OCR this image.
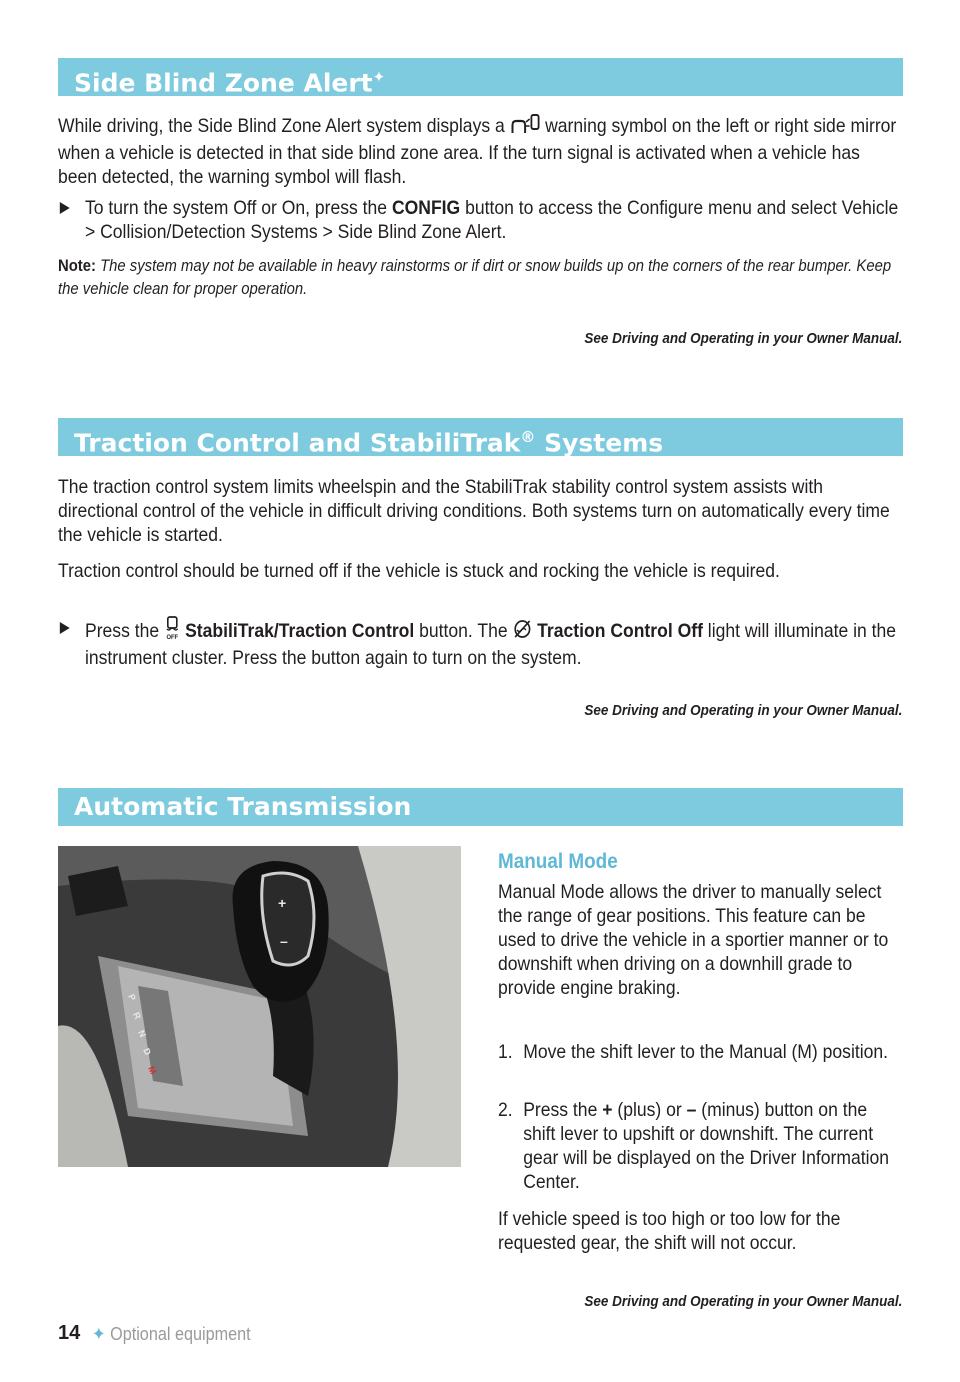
Side Blind Zone Alert✦

While driving, the Side Blind Zone Alert system displays a warning symbol on the left or right side mirror when a vehicle is detected in that side blind zone area. If the turn signal is activated when a vehicle has been detected, the warning symbol will flash.

To turn the system Off or On, press the CONFIG button to access the Configure menu and select Vehicle > Collision/Detection Systems > Side Blind Zone Alert.

Note: The system may not be available in heavy rainstorms or if dirt or snow builds up on the corners of the rear bumper. Keep the vehicle clean for proper operation.

See Driving and Operating in your Owner Manual.

Traction Control and StabiliTrak® Systems

The traction control system limits wheelspin and the StabiliTrak stability control system assists with directional control of the vehicle in difficult driving conditions. Both systems turn on automatically every time the vehicle is started.

Traction control should be turned off if the vehicle is stuck and rocking the vehicle is required.

Press the OFF StabiliTrak/Traction Control button. The Traction Control Off light will illuminate in the instrument cluster. Press the button again to turn on the system.

See Driving and Operating in your Owner Manual.

Automatic Transmission
P
R
N
D
M
+
–

Manual Mode

Manual Mode allows the driver to manually select the range of gear positions. This feature can be used to drive the vehicle in a sportier manner or to downshift when driving on a downhill grade to provide engine braking.

1. Move the shift lever to the Manual (M) position.

2. Press the + (plus) or – (minus) button on the shift lever to upshift or downshift. The current gear will be displayed on the Driver Information Center.

If vehicle speed is too high or too low for the requested gear, the shift will not occur.

See Driving and Operating in your Owner Manual.

14 ✦ Optional equipment
